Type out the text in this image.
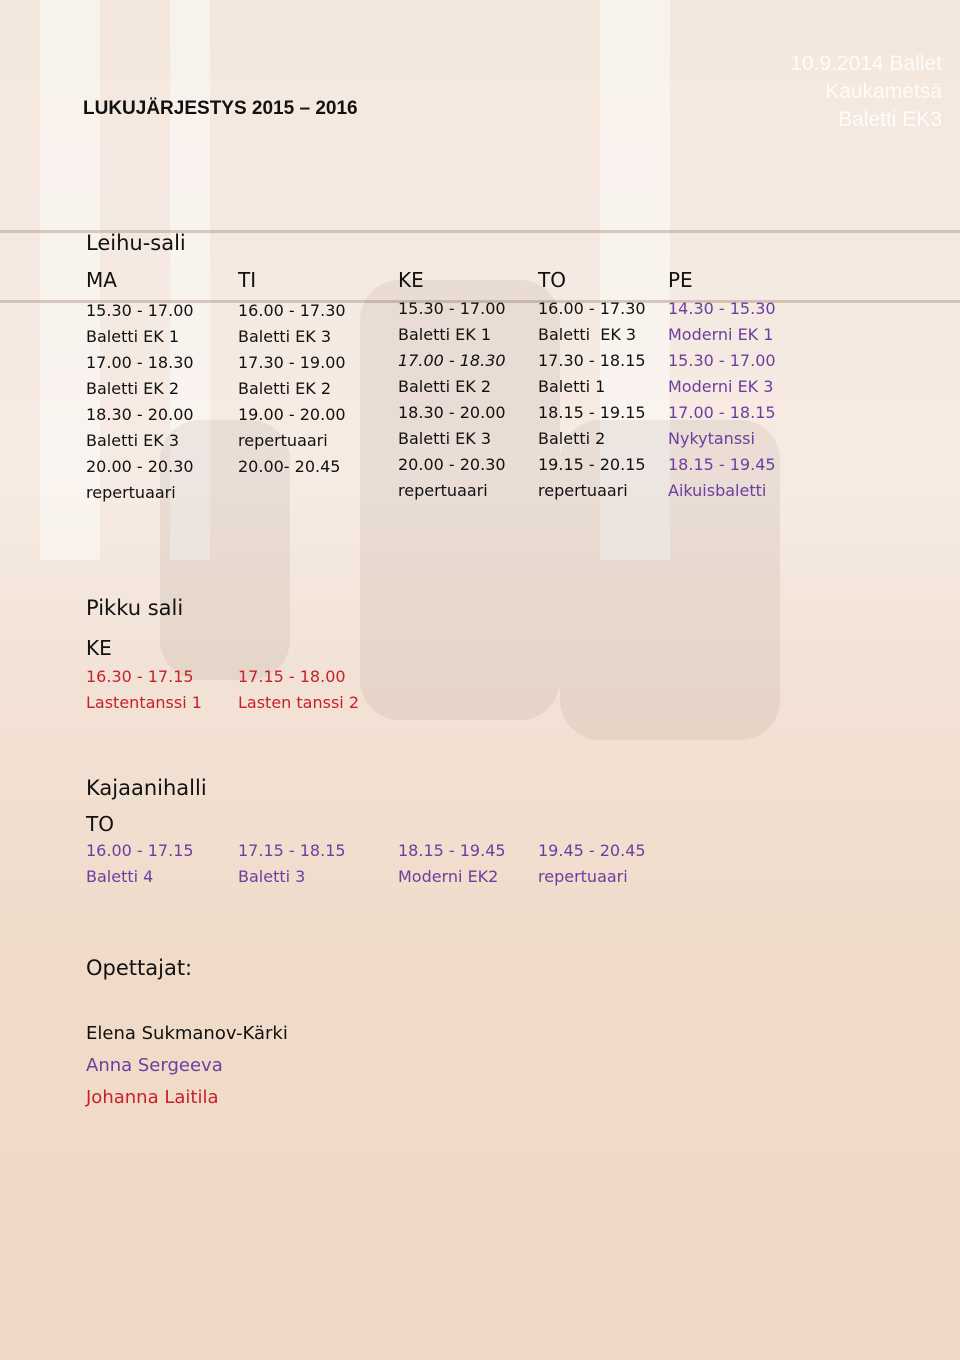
10.9.2014 Ballet Kaukametsä
Baletti EK3
LUKUJÄRJESTYS 2015 – 2016
Leihu-sali
MA
15.30 - 17.00
Baletti EK 1
17.00 - 18.30
Baletti EK 2
18.30 - 20.00
Baletti EK 3
20.00 - 20.30
repertuaari
TI
16.00 - 17.30
Baletti EK 3
17.30 - 19.00
Baletti EK 2
19.00 - 20.00
repertuaari
20.00- 20.45
KE
15.30 - 17.00
Baletti EK 1
17.00 - 18.30
Baletti EK 2
18.30 - 20.00
Baletti EK 3
20.00 - 20.30
repertuaari
TO
16.00 - 17.30
Baletti  EK 3
17.30 - 18.15
Baletti 1
18.15 - 19.15
Baletti 2
19.15 - 20.15
repertuaari
PE
14.30 - 15.30
Moderni EK 1
15.30 - 17.00
Moderni EK 3
17.00 - 18.15
Nykytanssi
18.15 - 19.45
Aikuisbaletti
Pikku sali
KE
16.30 - 17.15
Lastentanssi 1
17.15 - 18.00
Lasten tanssi 2
Kajaanihalli
TO
16.00 - 17.15
Baletti 4
17.15 - 18.15
Baletti 3
18.15 - 19.45
Moderni EK2
19.45 - 20.45
repertuaari
Opettajat:
Elena Sukmanov-Kärki
Anna Sergeeva
Johanna Laitila
